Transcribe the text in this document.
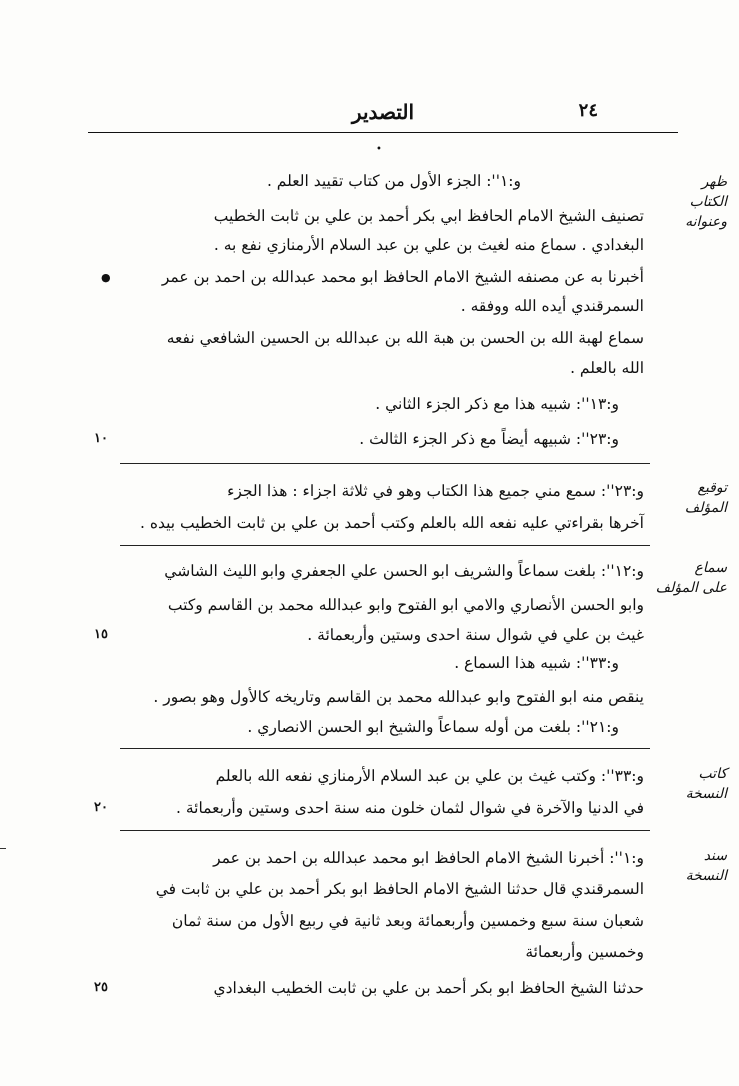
التصدير	٢٤
•
ظهر
الكتاب
وعنوانه
و:١'': الجزء الأول من كتاب تقييد العلم .
تصنيف الشيخ الامام الحافظ ابي بكر أحمد بن علي بن ثابت الخطيب
البغدادي . سماع منه لغيث بن علي بن عبد السلام الأرمنازي نفع به .
أخبرنا به عن مصنفه الشيخ الامام الحافظ ابو محمد عبدالله بن احمد بن عمر
●
السمرقندي أيده الله ووفقه .
سماع لهبة الله بن الحسن بن هبة الله بن عبدالله بن الحسين الشافعي نفعه
الله بالعلم .
و:١٣'': شبيه هذا مع ذكر الجزء الثاني .
و:٢٣'': شبيهه أيضاً مع ذكر الجزء الثالث .
١٠
توقيع
المؤلف
و:٢٣'': سمع مني جميع هذا الكتاب وهو في ثلاثة اجزاء : هذا الجزء
آخرها بقراءتي عليه نفعه الله بالعلم وكتب أحمد بن علي بن ثابت الخطيب بيده .
سماع
على المؤلف
و:١٢'': بلغت سماعاً والشريف ابو الحسن علي الجعفري وابو الليث الشاشي
وابو الحسن الأنصاري والامي ابو الفتوح وابو عبدالله محمد بن القاسم وكتب
غيث بن علي في شوال سنة احدى وستين وأربعمائة .
١٥
و:٣٣'': شبيه هذا السماع .
ينقص منه ابو الفتوح وابو عبدالله محمد بن القاسم وتاريخه كالأول وهو بصور .
و:٢١'': بلغت من أوله سماعاً والشيخ ابو الحسن الانصاري .
كاتب
النسخة
و:٣٣'': وكتب غيث بن علي بن عبد السلام الأرمنازي نفعه الله بالعلم
في الدنيا والآخرة في شوال لثمان خلون منه سنة احدى وستين وأربعمائة .
٢٠
سند
النسخة
و:١'': أخبرنا الشيخ الامام الحافظ ابو محمد عبدالله بن احمد بن عمر
السمرقندي قال حدثنا الشيخ الامام الحافظ ابو بكر أحمد بن علي بن ثابت في
شعبان سنة سبع وخمسين وأربعمائة وبعد ثانية في ربيع الأول من سنة ثمان
وخمسين وأربعمائة
حدثنا الشيخ الحافظ ابو بكر أحمد بن علي بن ثابت الخطيب البغدادي
٢٥
